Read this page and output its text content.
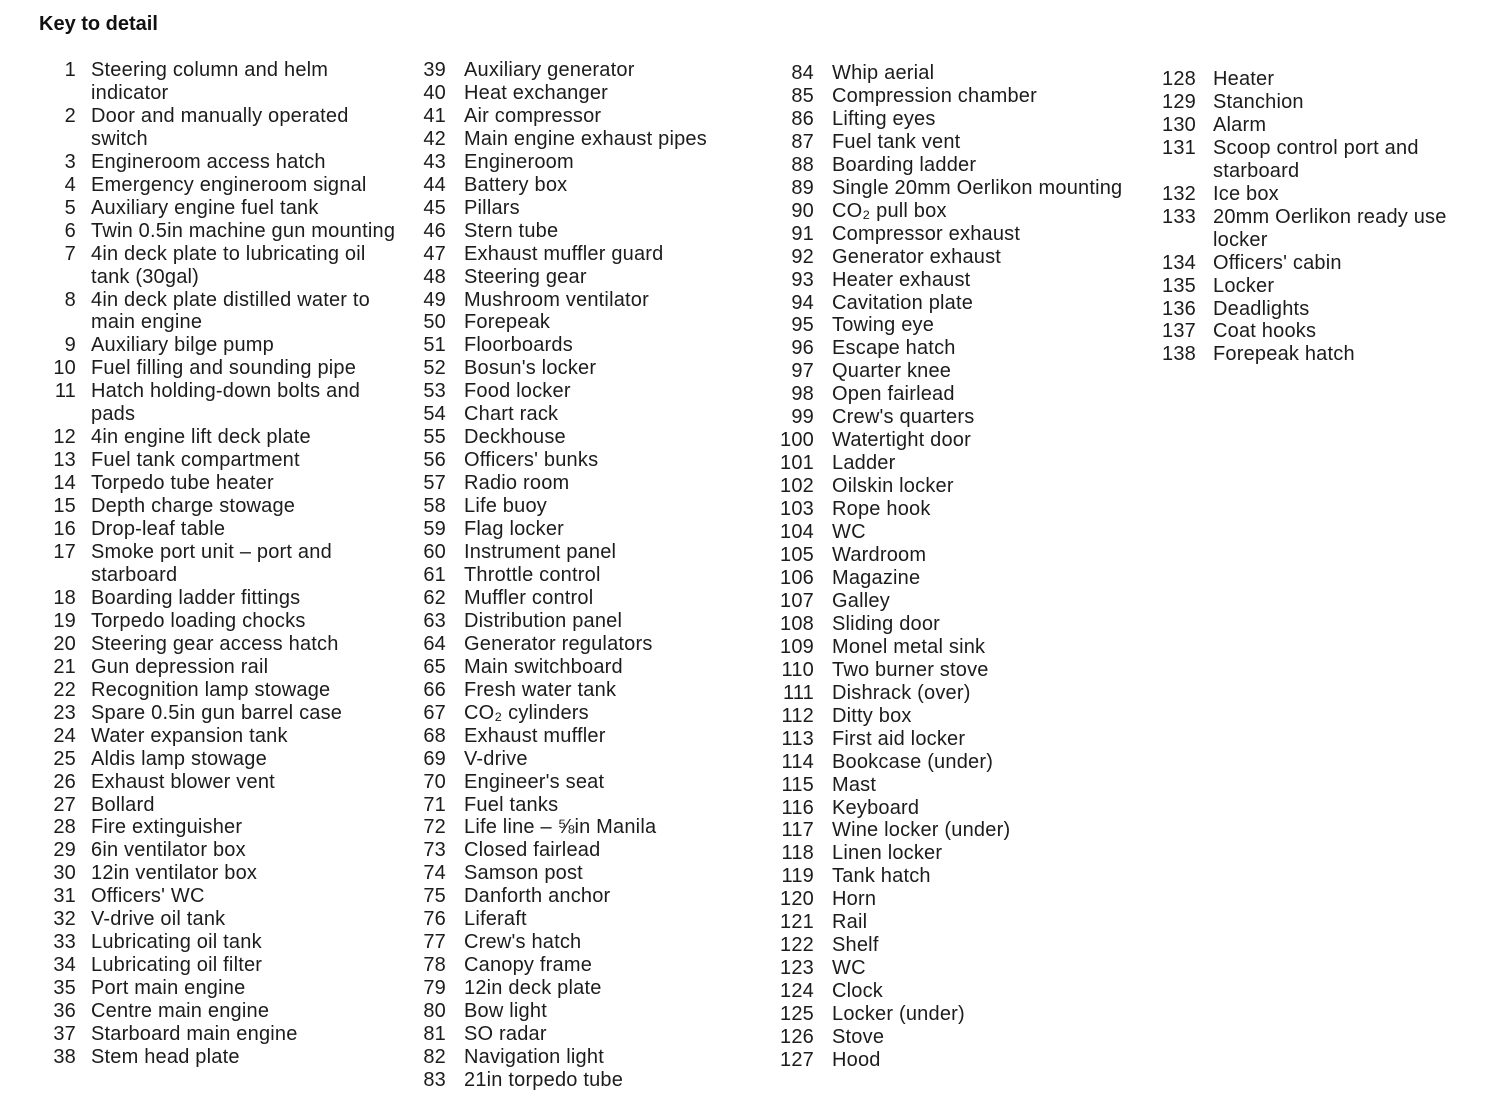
Key to detail
1 Steering column and helm indicator
2 Door and manually operated switch
3 Engineroom access hatch
4 Emergency engineroom signal
5 Auxiliary engine fuel tank
6 Twin 0.5in machine gun mounting
7 4in deck plate to lubricating oil tank (30gal)
8 4in deck plate distilled water to main engine
9 Auxiliary bilge pump
10 Fuel filling and sounding pipe
11 Hatch holding-down bolts and pads
12 4in engine lift deck plate
13 Fuel tank compartment
14 Torpedo tube heater
15 Depth charge stowage
16 Drop-leaf table
17 Smoke port unit – port and starboard
18 Boarding ladder fittings
19 Torpedo loading chocks
20 Steering gear access hatch
21 Gun depression rail
22 Recognition lamp stowage
23 Spare 0.5in gun barrel case
24 Water expansion tank
25 Aldis lamp stowage
26 Exhaust blower vent
27 Bollard
28 Fire extinguisher
29 6in ventilator box
30 12in ventilator box
31 Officers' WC
32 V-drive oil tank
33 Lubricating oil tank
34 Lubricating oil filter
35 Port main engine
36 Centre main engine
37 Starboard main engine
38 Stem head plate
39 Auxiliary generator
40 Heat exchanger
41 Air compressor
42 Main engine exhaust pipes
43 Engineroom
44 Battery box
45 Pillars
46 Stern tube
47 Exhaust muffler guard
48 Steering gear
49 Mushroom ventilator
50 Forepeak
51 Floorboards
52 Bosun's locker
53 Food locker
54 Chart rack
55 Deckhouse
56 Officers' bunks
57 Radio room
58 Life buoy
59 Flag locker
60 Instrument panel
61 Throttle control
62 Muffler control
63 Distribution panel
64 Generator regulators
65 Main switchboard
66 Fresh water tank
67 CO₂ cylinders
68 Exhaust muffler
69 V-drive
70 Engineer's seat
71 Fuel tanks
72 Life line – ⅝in Manila
73 Closed fairlead
74 Samson post
75 Danforth anchor
76 Liferaft
77 Crew's hatch
78 Canopy frame
79 12in deck plate
80 Bow light
81 SO radar
82 Navigation light
83 21in torpedo tube
84 Whip aerial
85 Compression chamber
86 Lifting eyes
87 Fuel tank vent
88 Boarding ladder
89 Single 20mm Oerlikon mounting
90 CO₂ pull box
91 Compressor exhaust
92 Generator exhaust
93 Heater exhaust
94 Cavitation plate
95 Towing eye
96 Escape hatch
97 Quarter knee
98 Open fairlead
99 Crew's quarters
100 Watertight door
101 Ladder
102 Oilskin locker
103 Rope hook
104 WC
105 Wardroom
106 Magazine
107 Galley
108 Sliding door
109 Monel metal sink
110 Two burner stove
111 Dishrack (over)
112 Ditty box
113 First aid locker
114 Bookcase (under)
115 Mast
116 Keyboard
117 Wine locker (under)
118 Linen locker
119 Tank hatch
120 Horn
121 Rail
122 Shelf
123 WC
124 Clock
125 Locker (under)
126 Stove
127 Hood
128 Heater
129 Stanchion
130 Alarm
131 Scoop control port and starboard
132 Ice box
133 20mm Oerlikon ready use locker
134 Officers' cabin
135 Locker
136 Deadlights
137 Coat hooks
138 Forepeak hatch
